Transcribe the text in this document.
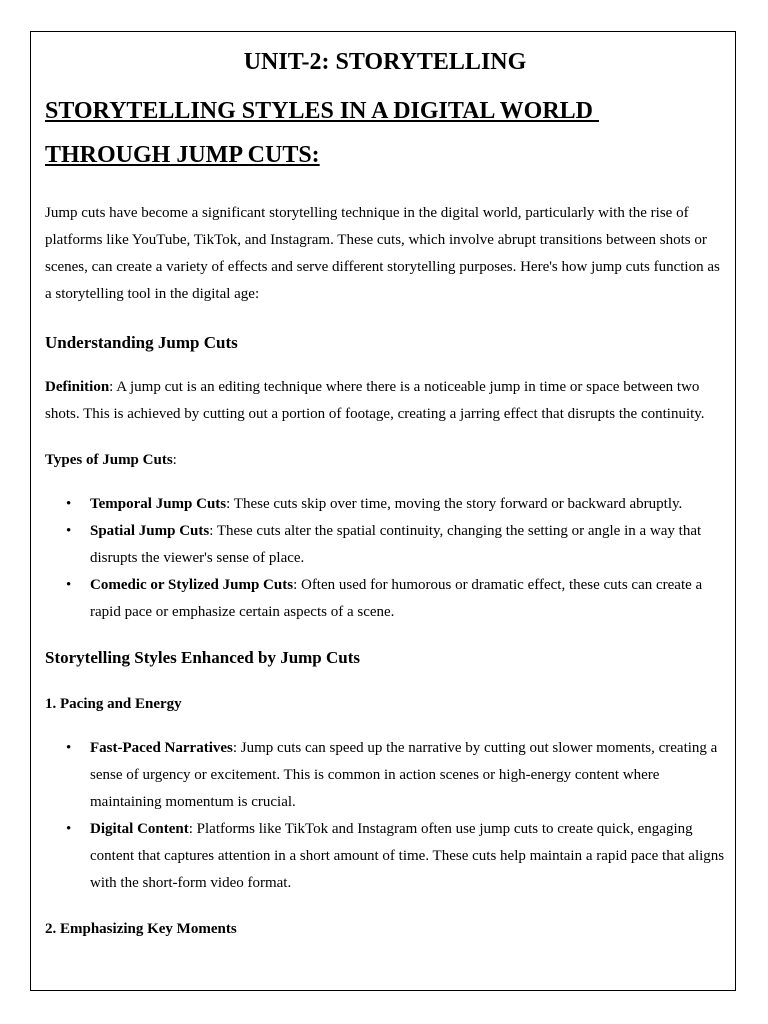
UNIT-2: STORYTELLING
STORYTELLING STYLES IN A DIGITAL WORLD
THROUGH JUMP CUTS:

Jump cuts have become a significant storytelling technique in the digital world, particularly with the rise of platforms like YouTube, TikTok, and Instagram. These cuts, which involve abrupt transitions between shots or scenes, can create a variety of effects and serve different storytelling purposes. Here's how jump cuts function as a storytelling tool in the digital age:

Understanding Jump Cuts

Definition: A jump cut is an editing technique where there is a noticeable jump in time or space between two shots. This is achieved by cutting out a portion of footage, creating a jarring effect that disrupts the continuity.

Types of Jump Cuts:

• Temporal Jump Cuts: These cuts skip over time, moving the story forward or backward abruptly.
• Spatial Jump Cuts: These cuts alter the spatial continuity, changing the setting or angle in a way that disrupts the viewer's sense of place.
• Comedic or Stylized Jump Cuts: Often used for humorous or dramatic effect, these cuts can create a rapid pace or emphasize certain aspects of a scene.
Storytelling Styles Enhanced by Jump Cuts

1. Pacing and Energy

• Fast-Paced Narratives: Jump cuts can speed up the narrative by cutting out slower moments, creating a sense of urgency or excitement. This is common in action scenes or high-energy content where maintaining momentum is crucial.
• Digital Content: Platforms like TikTok and Instagram often use jump cuts to create quick, engaging content that captures attention in a short amount of time. These cuts help maintain a rapid pace that aligns with the short-form video format.

2. Emphasizing Key Moments
